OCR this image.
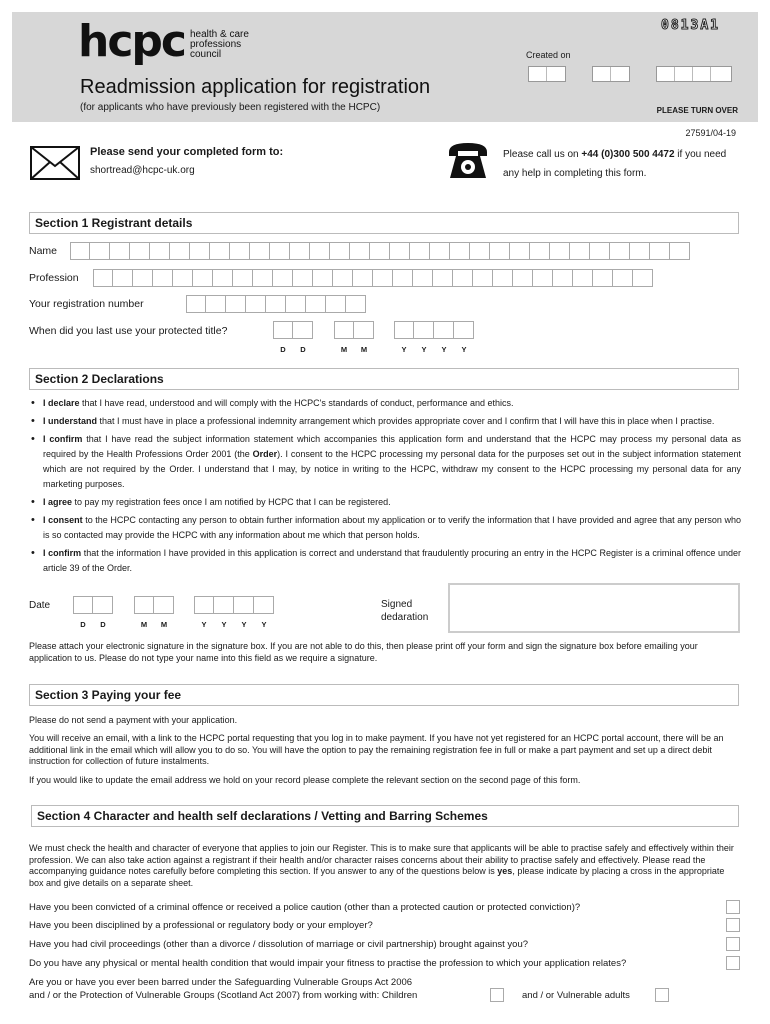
hcpc health & care
professions
council
0813A1
Created on
Readmission application for registration
(for applicants who have previously been registered with the HCPC)	PLEASE TURN OVER
27591/04-19
Please send your completed form to:
shortread@hcpc-uk.org
Please call us on +44 (0)300 500 4472 if you need any help in completing this form.
Section 1 Registrant details
Name
Profession
Your registration number
When did you last use your protected title?
D	D	M	M	Y	Y	Y	Y
Section 2 Declarations
• I declare that I have read, understood and will comply with the HCPC's standards of conduct, performance and ethics.
• I understand that I must have in place a professional indemnity arrangement which provides appropriate cover and I confirm that I will have this in place when I practise.
• I confirm that I have read the subject information statement which accompanies this application form and understand that the HCPC may process my personal data as required by the Health Professions Order 2001 (the Order). I consent to the HCPC processing my personal data for the purposes set out in the subject information statement which are not required by the Order. I understand that I may, by notice in writing to the HCPC, withdraw my consent to the HCPC processing my personal data for any marketing purposes.
• I agree to pay my registration fees once I am notified by HCPC that I can be registered.
• I consent to the HCPC contacting any person to obtain further information about my application or to verify the information that I have provided and agree that any person who is so contacted may provide the HCPC with any information about me which that person holds.
• I confirm that the information I have provided in this application is correct and understand that fraudulently procuring an entry in the HCPC Register is a criminal offence under article 39 of the Order.
Date
D	D	M	M	Y	Y	Y	Y
Signed
dedaration
Please attach your electronic signature in the signature box. If you are not able to do this, then please print off your form and sign the signature box before emailing your application to us. Please do not type your name into this field as we require a signature.
Section 3 Paying your fee
Please do not send a payment with your application.
You will receive an email, with a link to the HCPC portal requesting that you log in to make payment. If you have not yet registered for an HCPC portal account, there will be an additional link in the email which will allow you to do so. You will have the option to pay the remaining registration fee in full or make a part payment and set up a direct debit instruction for collection of future instalments.
If you would like to update the email address we hold on your record please complete the relevant section on the second page of this form.
Section 4 Character and health self declarations / Vetting and Barring Schemes
We must check the health and character of everyone that applies to join our Register. This is to make sure that applicants will be able to practise safely and effectively within their profession. We can also take action against a registrant if their health and/or character raises concerns about their ability to practise safely and effectively. Please read the accompanying guidance notes carefully before completing this section. If you answer to any of the questions below is yes, please indicate by placing a cross in the appropriate box and give details on a separate sheet.
Have you been convicted of a criminal offence or received a police caution (other than a protected caution or protected conviction)?
Have you been disciplined by a professional or regulatory body or your employer?
Have you had civil proceedings (other than a divorce / dissolution of marriage or civil partnership) brought against you?
Do you have any physical or mental health condition that would impair your fitness to practise the profession to which your application relates?
Are you or have you ever been barred under the Safeguarding Vulnerable Groups Act 2006
and / or the Protection of Vulnerable Groups (Scotland Act 2007) from working with: Children	and / or Vulnerable adults
